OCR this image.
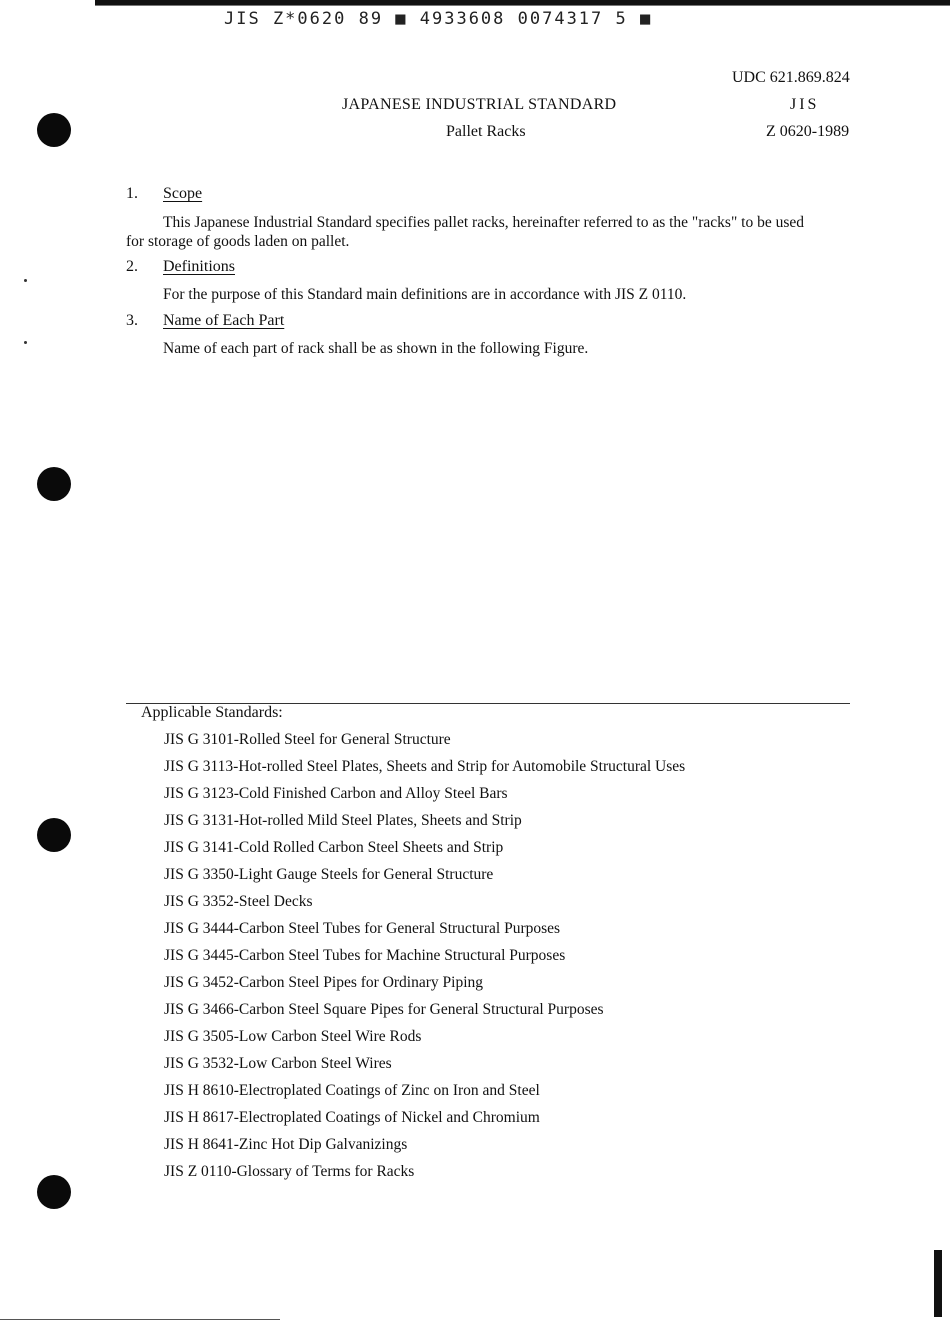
JIS Z*0620 89 ■ 4933608 0074317 5 ■
UDC 621.869.824
JIS
Z 0620-1989
JAPANESE INDUSTRIAL STANDARD
Pallet Racks
1. Scope
This Japanese Industrial Standard specifies pallet racks, hereinafter referred to as the "racks" to be used for storage of goods laden on pallet.
2. Definitions
For the purpose of this Standard main definitions are in accordance with JIS Z 0110.
3. Name of Each Part
Name of each part of rack shall be as shown in the following Figure.
Applicable Standards:
JIS G 3101-Rolled Steel for General Structure
JIS G 3113-Hot-rolled Steel Plates, Sheets and Strip for Automobile Structural Uses
JIS G 3123-Cold Finished Carbon and Alloy Steel Bars
JIS G 3131-Hot-rolled Mild Steel Plates, Sheets and Strip
JIS G 3141-Cold Rolled Carbon Steel Sheets and Strip
JIS G 3350-Light Gauge Steels for General Structure
JIS G 3352-Steel Decks
JIS G 3444-Carbon Steel Tubes for General Structural Purposes
JIS G 3445-Carbon Steel Tubes for Machine Structural Purposes
JIS G 3452-Carbon Steel Pipes for Ordinary Piping
JIS G 3466-Carbon Steel Square Pipes for General Structural Purposes
JIS G 3505-Low Carbon Steel Wire Rods
JIS G 3532-Low Carbon Steel Wires
JIS H 8610-Electroplated Coatings of Zinc on Iron and Steel
JIS H 8617-Electroplated Coatings of Nickel and Chromium
JIS H 8641-Zinc Hot Dip Galvanizings
JIS Z 0110-Glossary of Terms for Racks
